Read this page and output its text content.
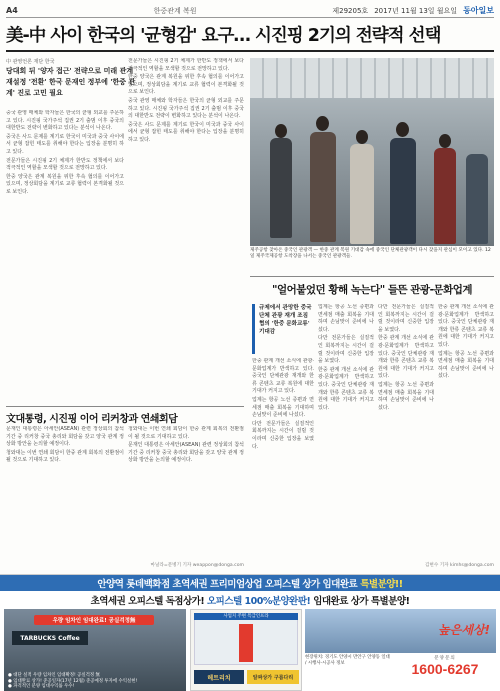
A4	한중관계 복원	제29205호 2017년 11월 13일 월요일 동아일보
美-中 사이 한국의 '균형감' 요구… 시진핑 2기의 전략적 선택
中 관영언론 재단 한국
당대회 뒤 '양자 접근' 전략으로 미래 관계 재설정 '전환' 한국 문재인 정부에 '한중 관계' 진로 고민 필요

중국 관영 매체와 학자들은 한국의 균형 외교를 주문하고 있다. 시진핑 국가주석 집권 2기 출범 이후 중국의 대한반도 전략이 변화하고 있다는 분석이 나온다.

중국은 사드 문제를 계기로 한국이 미국과 중국 사이에서 균형 잡힌 태도를 취해야 한다는 입장을 분명히 하고 있다.

전문가들은 시진핑 2기 체제가 한반도 정책에서 보다 적극적인 역할을 모색할 것으로 전망하고 있다.

한중 양국은 관계 복원을 위한 후속 협의를 이어가고 있으며, 정상회담을 계기로 교류 협력이 본격화될 것으로 보인다.

전문가들은 시진핑 2기 체제가 한반도 정책에서 보다 적극적인 역할을 모색할 것으로 전망하고 있다.

한중 양국은 관계 복원을 위한 후속 협의를 이어가고 있으며, 정상회담을 계기로 교류 협력이 본격화될 것으로 보인다.

중국 관영 매체와 학자들은 한국의 균형 외교를 주문하고 있다. 시진핑 국가주석 집권 2기 출범 이후 중국의 대한반도 전략이 변화하고 있다는 분석이 나온다.

중국은 사드 문제를 계기로 한국이 미국과 중국 사이에서 균형 잡힌 태도를 취해야 한다는 입장을 분명히 하고 있다.

제주공항 찾아온 중국인 관광객 — 한중 관계 복원 기대감 속에 중국인 단체관광객이 다시 찾을지 관심이 모이고 있다. 12일 제주국제공항 도착장을 나서는 중국인 관광객들.
"얼어붙었던 황해 녹는다" 들뜬 관광-문화업계
규제에서 관망한 중국 단체 관광 재개 조짐 협의 '한중 문화교류' 기대감

한중 관계 개선 소식에 관광·문화업계가 반색하고 있다. 중국인 단체관광 재개와 한류 콘텐츠 교류 복원에 대한 기대가 커지고 있다.

업계는 항공 노선 증편과 면세점 매출 회복을 기대하며 손님맞이 준비에 나섰다.

다만 전문가들은 실질적인 회복까지는 시간이 걸릴 것이라며 신중한 입장을 보였다.

업계는 항공 노선 증편과 면세점 매출 회복을 기대하며 손님맞이 준비에 나섰다.

다만 전문가들은 실질적인 회복까지는 시간이 걸릴 것이라며 신중한 입장을 보였다.

한중 관계 개선 소식에 관광·문화업계가 반색하고 있다. 중국인 단체관광 재개와 한류 콘텐츠 교류 복원에 대한 기대가 커지고 있다.

다만 전문가들은 실질적인 회복까지는 시간이 걸릴 것이라며 신중한 입장을 보였다.

한중 관계 개선 소식에 관광·문화업계가 반색하고 있다. 중국인 단체관광 재개와 한류 콘텐츠 교류 복원에 대한 기대가 커지고 있다.

업계는 항공 노선 증편과 면세점 매출 회복을 기대하며 손님맞이 준비에 나섰다.

한중 관계 개선 소식에 관광·문화업계가 반색하고 있다. 중국인 단체관광 재개와 한류 콘텐츠 교류 복원에 대한 기대가 커지고 있다.

업계는 항공 노선 증편과 면세점 매출 회복을 기대하며 손님맞이 준비에 나섰다.

김현수 기자 kimhs@donga.com
文대통령, 시진핑 이어 리커창과 연쇄회담

문재인 대통령은 아세안(ASEAN) 관련 정상회의 참석 기간 중 리커창 중국 총리와 회담을 갖고 양국 관계 정상화 방안을 논의할 예정이다.

청와대는 이번 연쇄 회담이 한중 관계 회복의 전환점이 될 것으로 기대하고 있다.

청와대는 이번 연쇄 회담이 한중 관계 회복의 전환점이 될 것으로 기대하고 있다.

문재인 대통령은 아세안(ASEAN) 관련 정상회의 참석 기간 중 리커창 중국 총리와 회담을 갖고 양국 관계 정상화 방안을 논의할 예정이다.

마닐라=문병기 기자 weappon@donga.com
안양역 롯데백화점 초역세권 프리미엄상업 오피스텔 상가 임대완료 특별분양!!
초역세권 오피스텔 독점상가! 오피스텔 100%분양완판! 임대완료 상가 특별분양!
우량 임차인 임대완료! 공실걱정無
TARBUCKS Coffee
● 대단 실적 우량 임차인 임대확정! 공실걱정 無
● 임대완료 상가! 준공일자(17년 12월) 준공예정 투자에 수익실현!
● 파격적인 분양 입대수익률 우수!
사업지 주변 특급인프라
헤트리치	알짜상가 구름다리
높은세상!
현장위치: 경기도 안양시 만안구 안양동 일대 / 시행사·시공사 정보
분양문의
1600-6267
